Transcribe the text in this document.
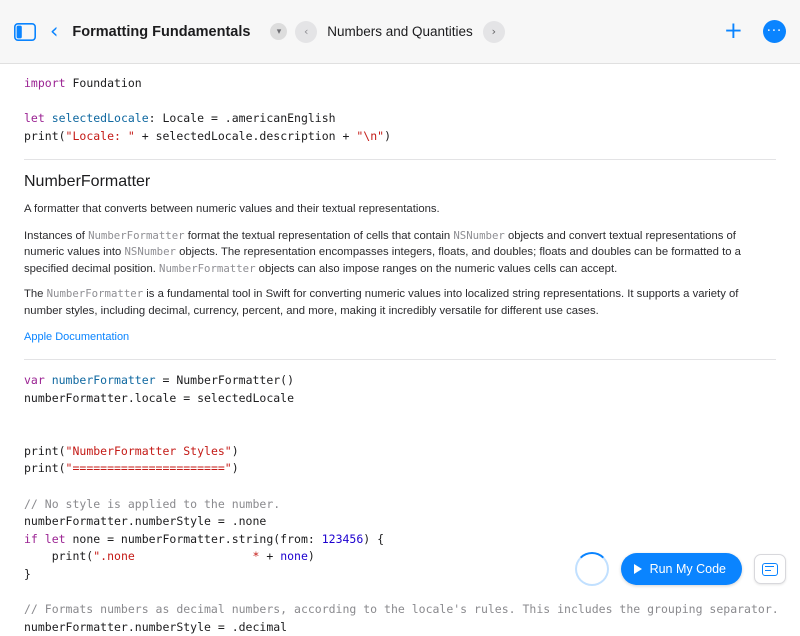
‹ Formatting Fundamentals	▾	‹	Numbers and Quantities	›	+ ···
import Foundation

let selectedLocale: Locale = .americanEnglish
print("Locale: " + selectedLocale.description + "\n")
NumberFormatter

A formatter that converts between numeric values and their textual representations.

Instances of NumberFormatter format the textual representation of cells that contain NSNumber objects and convert textual representations of numeric values into NSNumber objects. The representation encompasses integers, floats, and doubles; floats and doubles can be formatted to a specified decimal position. NumberFormatter objects can also impose ranges on the numeric values cells can accept.

The NumberFormatter is a fundamental tool in Swift for converting numeric values into localized string representations. It supports a variety of number styles, including decimal, currency, percent, and more, making it incredibly versatile for different use cases.

Apple Documentation
var numberFormatter = NumberFormatter()
numberFormatter.locale = selectedLocale

print("NumberFormatter Styles")
print("======================")

// No style is applied to the number.
numberFormatter.numberStyle = .none
if let none = numberFormatter.string(from: 123456) {
print(".none                 * + none)
}

// Formats numbers as decimal numbers, according to the locale's rules. This includes the grouping separator.
numberFormatter.numberStyle = .decimal
Run My Code
